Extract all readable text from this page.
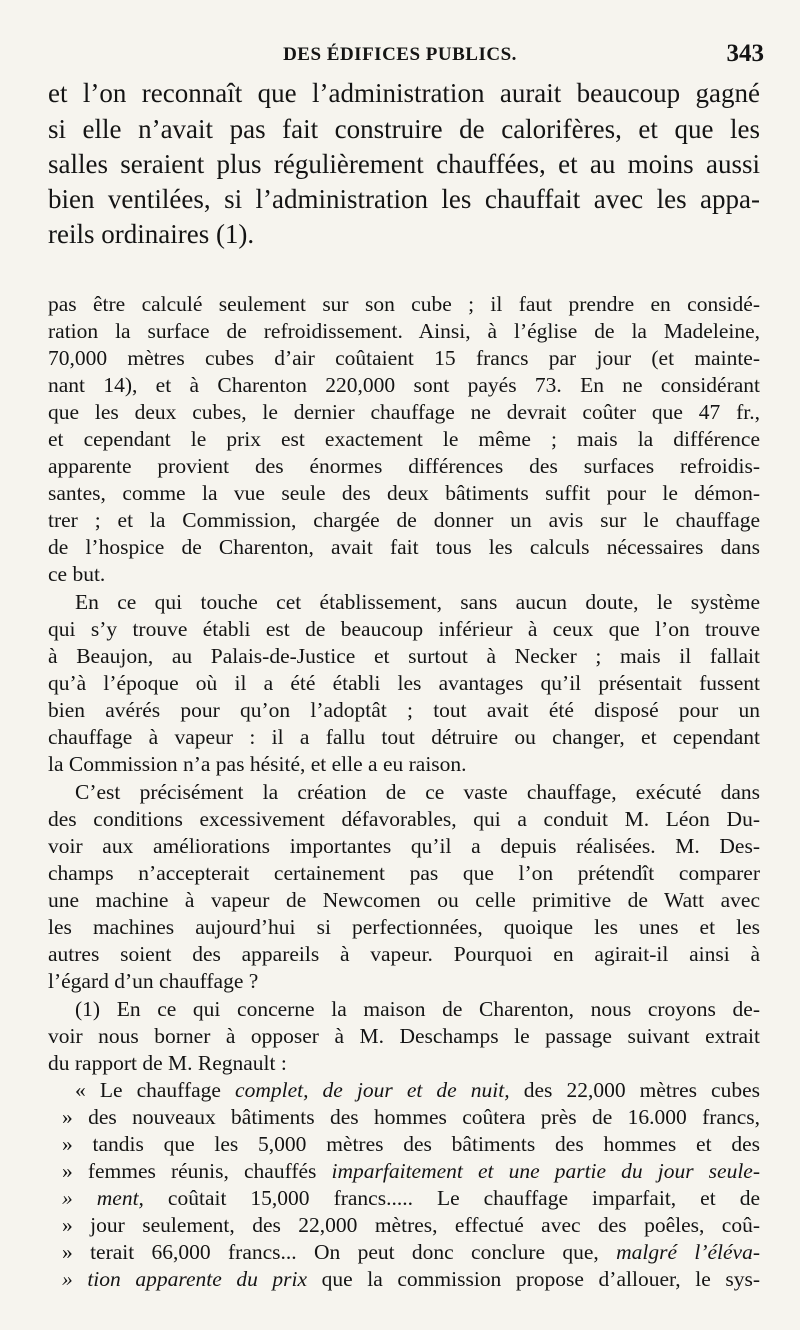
DES ÉDIFICES PUBLICS.	343
et l’on reconnaît que l’administration aurait beaucoup gagné
si elle n’avait pas fait construire de calorifères, et que les
salles seraient plus régulièrement chauffées, et au moins aussi
bien ventilées, si l’administration les chauffait avec les appa-
reils ordinaires (1).
pas être calculé seulement sur son cube ; il faut prendre en considé-
ration la surface de refroidissement. Ainsi, à l’église de la Madeleine,
70,000 mètres cubes d’air coûtaient 15 francs par jour (et mainte-
nant 14), et à Charenton 220,000 sont payés 73. En ne considérant
que les deux cubes, le dernier chauffage ne devrait coûter que 47 fr.,
et cependant le prix est exactement le même ; mais la différence
apparente provient des énormes différences des surfaces refroidis-
santes, comme la vue seule des deux bâtiments suffit pour le démon-
trer ; et la Commission, chargée de donner un avis sur le chauffage
de l’hospice de Charenton, avait fait tous les calculs nécessaires dans
ce but.
En ce qui touche cet établissement, sans aucun doute, le système
qui s’y trouve établi est de beaucoup inférieur à ceux que l’on trouve
à Beaujon, au Palais-de-Justice et surtout à Necker ; mais il fallait
qu’à l’époque où il a été établi les avantages qu’il présentait fussent
bien avérés pour qu’on l’adoptât ; tout avait été disposé pour un
chauffage à vapeur : il a fallu tout détruire ou changer, et cependant
la Commission n’a pas hésité, et elle a eu raison.
C’est précisément la création de ce vaste chauffage, exécuté dans
des conditions excessivement défavorables, qui a conduit M. Léon Du-
voir aux améliorations importantes qu’il a depuis réalisées. M. Des-
champs n’accepterait certainement pas que l’on prétendît comparer
une machine à vapeur de Newcomen ou celle primitive de Watt avec
les machines aujourd’hui si perfectionnées, quoique les unes et les
autres soient des appareils à vapeur. Pourquoi en agirait-il ainsi à
l’égard d’un chauffage ?
(1) En ce qui concerne la maison de Charenton, nous croyons de-
voir nous borner à opposer à M. Deschamps le passage suivant extrait
du rapport de M. Regnault :
« Le chauffage complet, de jour et de nuit, des 22,000 mètres cubes
» des nouveaux bâtiments des hommes coûtera près de 16.000 francs,
» tandis que les 5,000 mètres des bâtiments des hommes et des
» femmes réunis, chauffés imparfaitement et une partie du jour seule-
» ment, coûtait 15,000 francs..... Le chauffage imparfait, et de
» jour seulement, des 22,000 mètres, effectué avec des poêles, coû-
» terait 66,000 francs... On peut donc conclure que, malgré l’éléva-
» tion apparente du prix que la commission propose d’allouer, le sys-
